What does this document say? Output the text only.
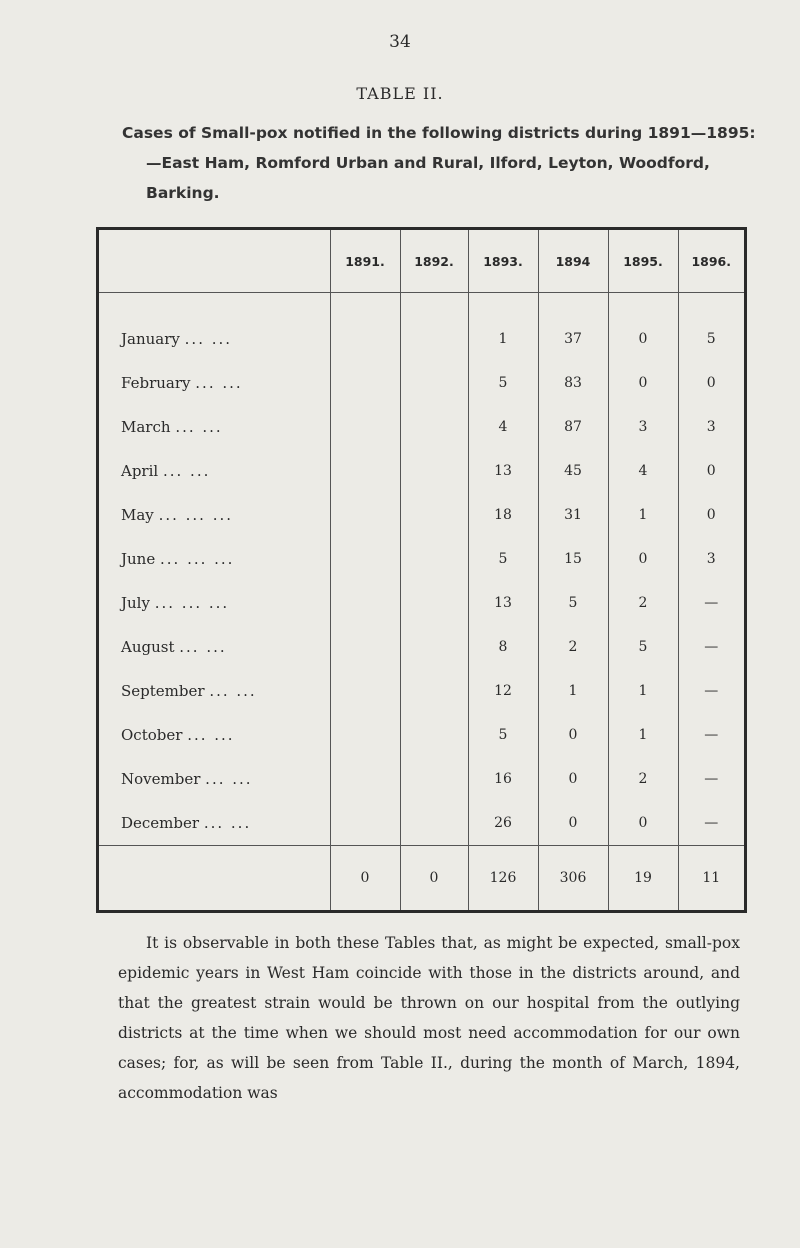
34
TABLE II.
Cases of Small-pox notified in the following districts during 1891—1895:—East Ham, Romford Urban and Rural, Ilford, Leyton, Woodford, Barking.
	1891.	1892.	1893.	1894	1895.	1896.
January ... ...			1	37	0	5
February ... ...			5	83	0	0
March ... ...			4	87	3	3
April ... ...			13	45	4	0
May ... ... ...			18	31	1	0
June ... ... ...			5	15	0	3
July ... ... ...			13	5	2	—
August ... ...			8	2	5	—
September ... ...			12	1	1	—
October ... ...			5	0	1	—
November ... ...			16	0	2	—
December ... ...			26	0	0	—
	0	0	126	306	19	11
It is observable in both these Tables that, as might be expected, small-pox epidemic years in West Ham coincide with those in the districts around, and that the greatest strain would be thrown on our hospital from the outlying districts at the time when we should most need accommodation for our own cases; for, as will be seen from Table II., during the month of March, 1894, accommodation was
